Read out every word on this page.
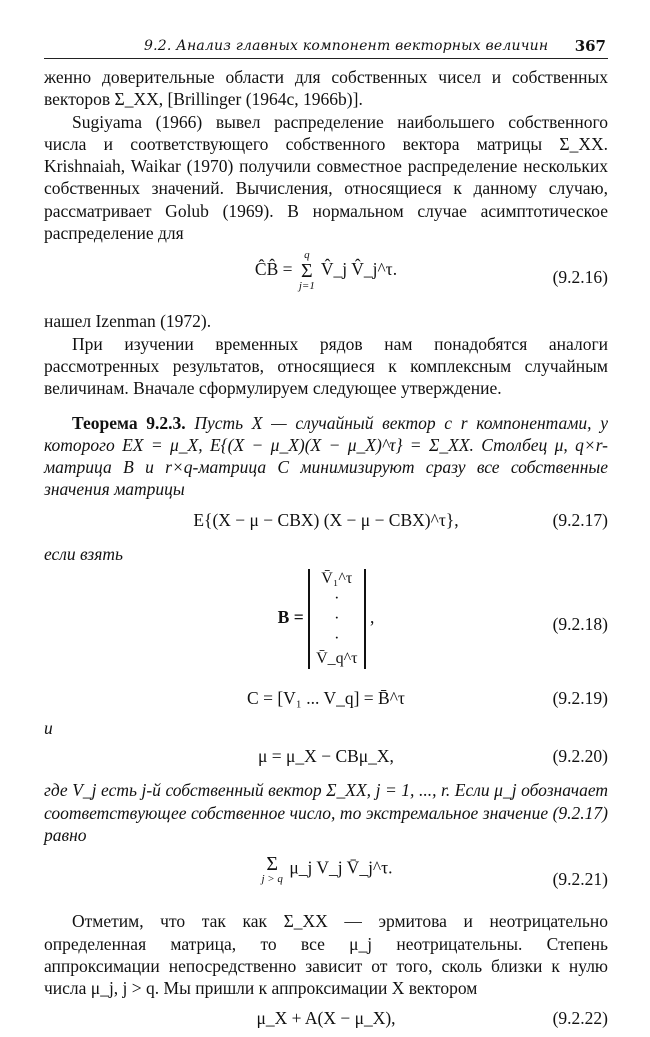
9.2. Анализ главных компонент векторных величин 367

женно доверительные области для собственных чисел и собственных векторов Σ_XX, [Brillinger (1964c, 1966b)].

Sugiyama (1966) вывел распределение наибольшего собственного числа и соответствующего собственного вектора матрицы Σ_XX. Krishnaiah, Waikar (1970) получили совместное распределение нескольких собственных значений. Вычисления, относящиеся к данному случаю, рассматривает Golub (1969). В нормальном случае асимптотическое распределение для

ĈB̂ =
q
Σ
j=1
V̂_j V̂_j^τ.	(9.2.16)

нашел Izenman (1972).

При изучении временных рядов нам понадобятся аналоги рассмотренных результатов, относящиеся к комплексным случайным величинам. Вначале сформулируем следующее утверждение.

Теорема 9.2.3. Пусть X — случайный вектор с r компонентами, у которого EX = μ_X, E{(X − μ_X)(X − μ_X)^τ} = Σ_XX. Столбец μ, q×r-матрица B и r×q-матрица C минимизируют сразу все собственные значения матрицы

E{(X − μ − CBX) (X − μ − CBX)^τ},	(9.2.17)

если взять

B =
V̄₁^τ
·
·
·
V̄_q^τ
,	(9.2.18)
C = [V₁ ... V_q] = B̄^τ	(9.2.19)

и

μ = μ_X − CBμ_X,	(9.2.20)

где V_j есть j-й собственный вектор Σ_XX, j = 1, ..., r. Если μ_j обозначает соответствующее собственное число, то экстремальное значение (9.2.17) равно

Σ
j > q
μ_j V_j V̄_j^τ.
(9.2.21)

Отметим, что так как Σ_XX — эрмитова и неотрицательно определенная матрица, то все μ_j неотрицательны. Степень аппроксимации непосредственно зависит от того, сколь близки к нулю числа μ_j, j > q. Мы пришли к аппроксимации X вектором

μ_X + A(X − μ_X),	(9.2.22)
